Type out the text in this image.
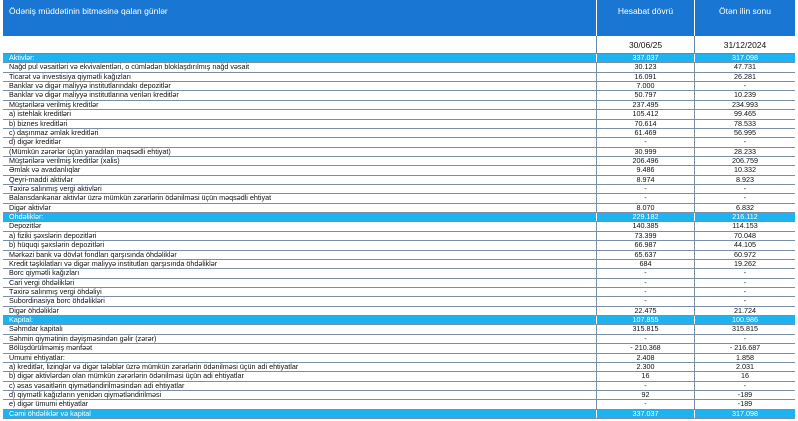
Ödəniş müddətinin bitməsinə qalan günlər	Hesabat dövrü	Ötən ilin sonu
30/06/25	31/12/2024
Aktivlər:	337.037	317.098
Nağd pul vəsaitləri və ekvivalentləri, o cümlədən bloklaşdırılmış nağd vəsait	30.123	47.731
Ticarət və investisiya qiymətli kağızları	16.091	26.281
Banklar və digər maliyyə institutlarındakı depozitlər	7.000	-
Banklar və digər maliyyə institutlarına verilən kreditlər	50.797	10.239
Müştərilərə verilmiş kreditlər	237.495	234.993
a) istehlak kreditləri	105.412	99.465
b) biznes kreditləri	70.614	78.533
c) daşınmaz əmlak kreditləri	61.469	56.995
d) digər kreditlər	-	-
(Mümkün zərərlər üçün yaradılan məqsədli ehtiyat)	30.999	28.233
Müştərilərə verilmiş kreditlər (xalis)	206.496	206.759
Əmlak və avadanlıqlar	9.486	10.332
Qeyri-maddi aktivlər	8.974	8.923
Təxirə salınmış vergi aktivləri	-	-
Balansdankənar aktivlər üzrə mümkün zərərlərin ödənilməsi üçün məqsədli ehtiyat	-	-
Digər aktivlər	8.070	6.832
Öhdəliklər:	229.182	216.112
Depozitlər	140.385	114.153
a) fiziki şəxslərin depozitləri	73.399	70.048
b) hüquqi şəxslərin depozitləri	66.987	44.105
Mərkəzi bank və dövlət fondları qarşısında öhdəliklər	65.637	60.972
Kredit təşkilatları və digər maliyyə institutları qarşısında öhdəliklər	684	19.262
Borc qiymətli kağızları	-	-
Cari vergi öhdəlikləri	-	-
Təxirə salınmış vergi öhdəliyi	-	-
Subordinasiya borc öhdəlikləri	-	-
Digər öhdəliklər	22.475	21.724
Kapital:	107.855	100.986
Səhmdar kapitalı	315.815	315.815
Səhmin qiymətinin dəyişməsindən gəlir (zərər)	-	-
Bölüşdürülməmiş mənfəət	- 210.368	- 216.687
Ümumi ehtiyatlar:	2.408	1.858
a) kreditlər, lizinqlər və digər tələblər üzrə mümkün zərərlərin ödənilməsi üçün adi ehtiyatlar	2.300	2.031
b) digər aktivlərdən olan mümkün zərərlərin ödənilməsi üçün adi ehtiyatlar	16	16
c) əsas vəsaitlərin qiymətləndirilməsindən adi ehtiyatlar	-	-
d) qiymətli kağızların yenidən qiymətləndirilməsi	92	-189
e) digər ümumi ehtiyatlar	-	-189
Cəmi öhdəliklər və kapital	337.037	317.098
